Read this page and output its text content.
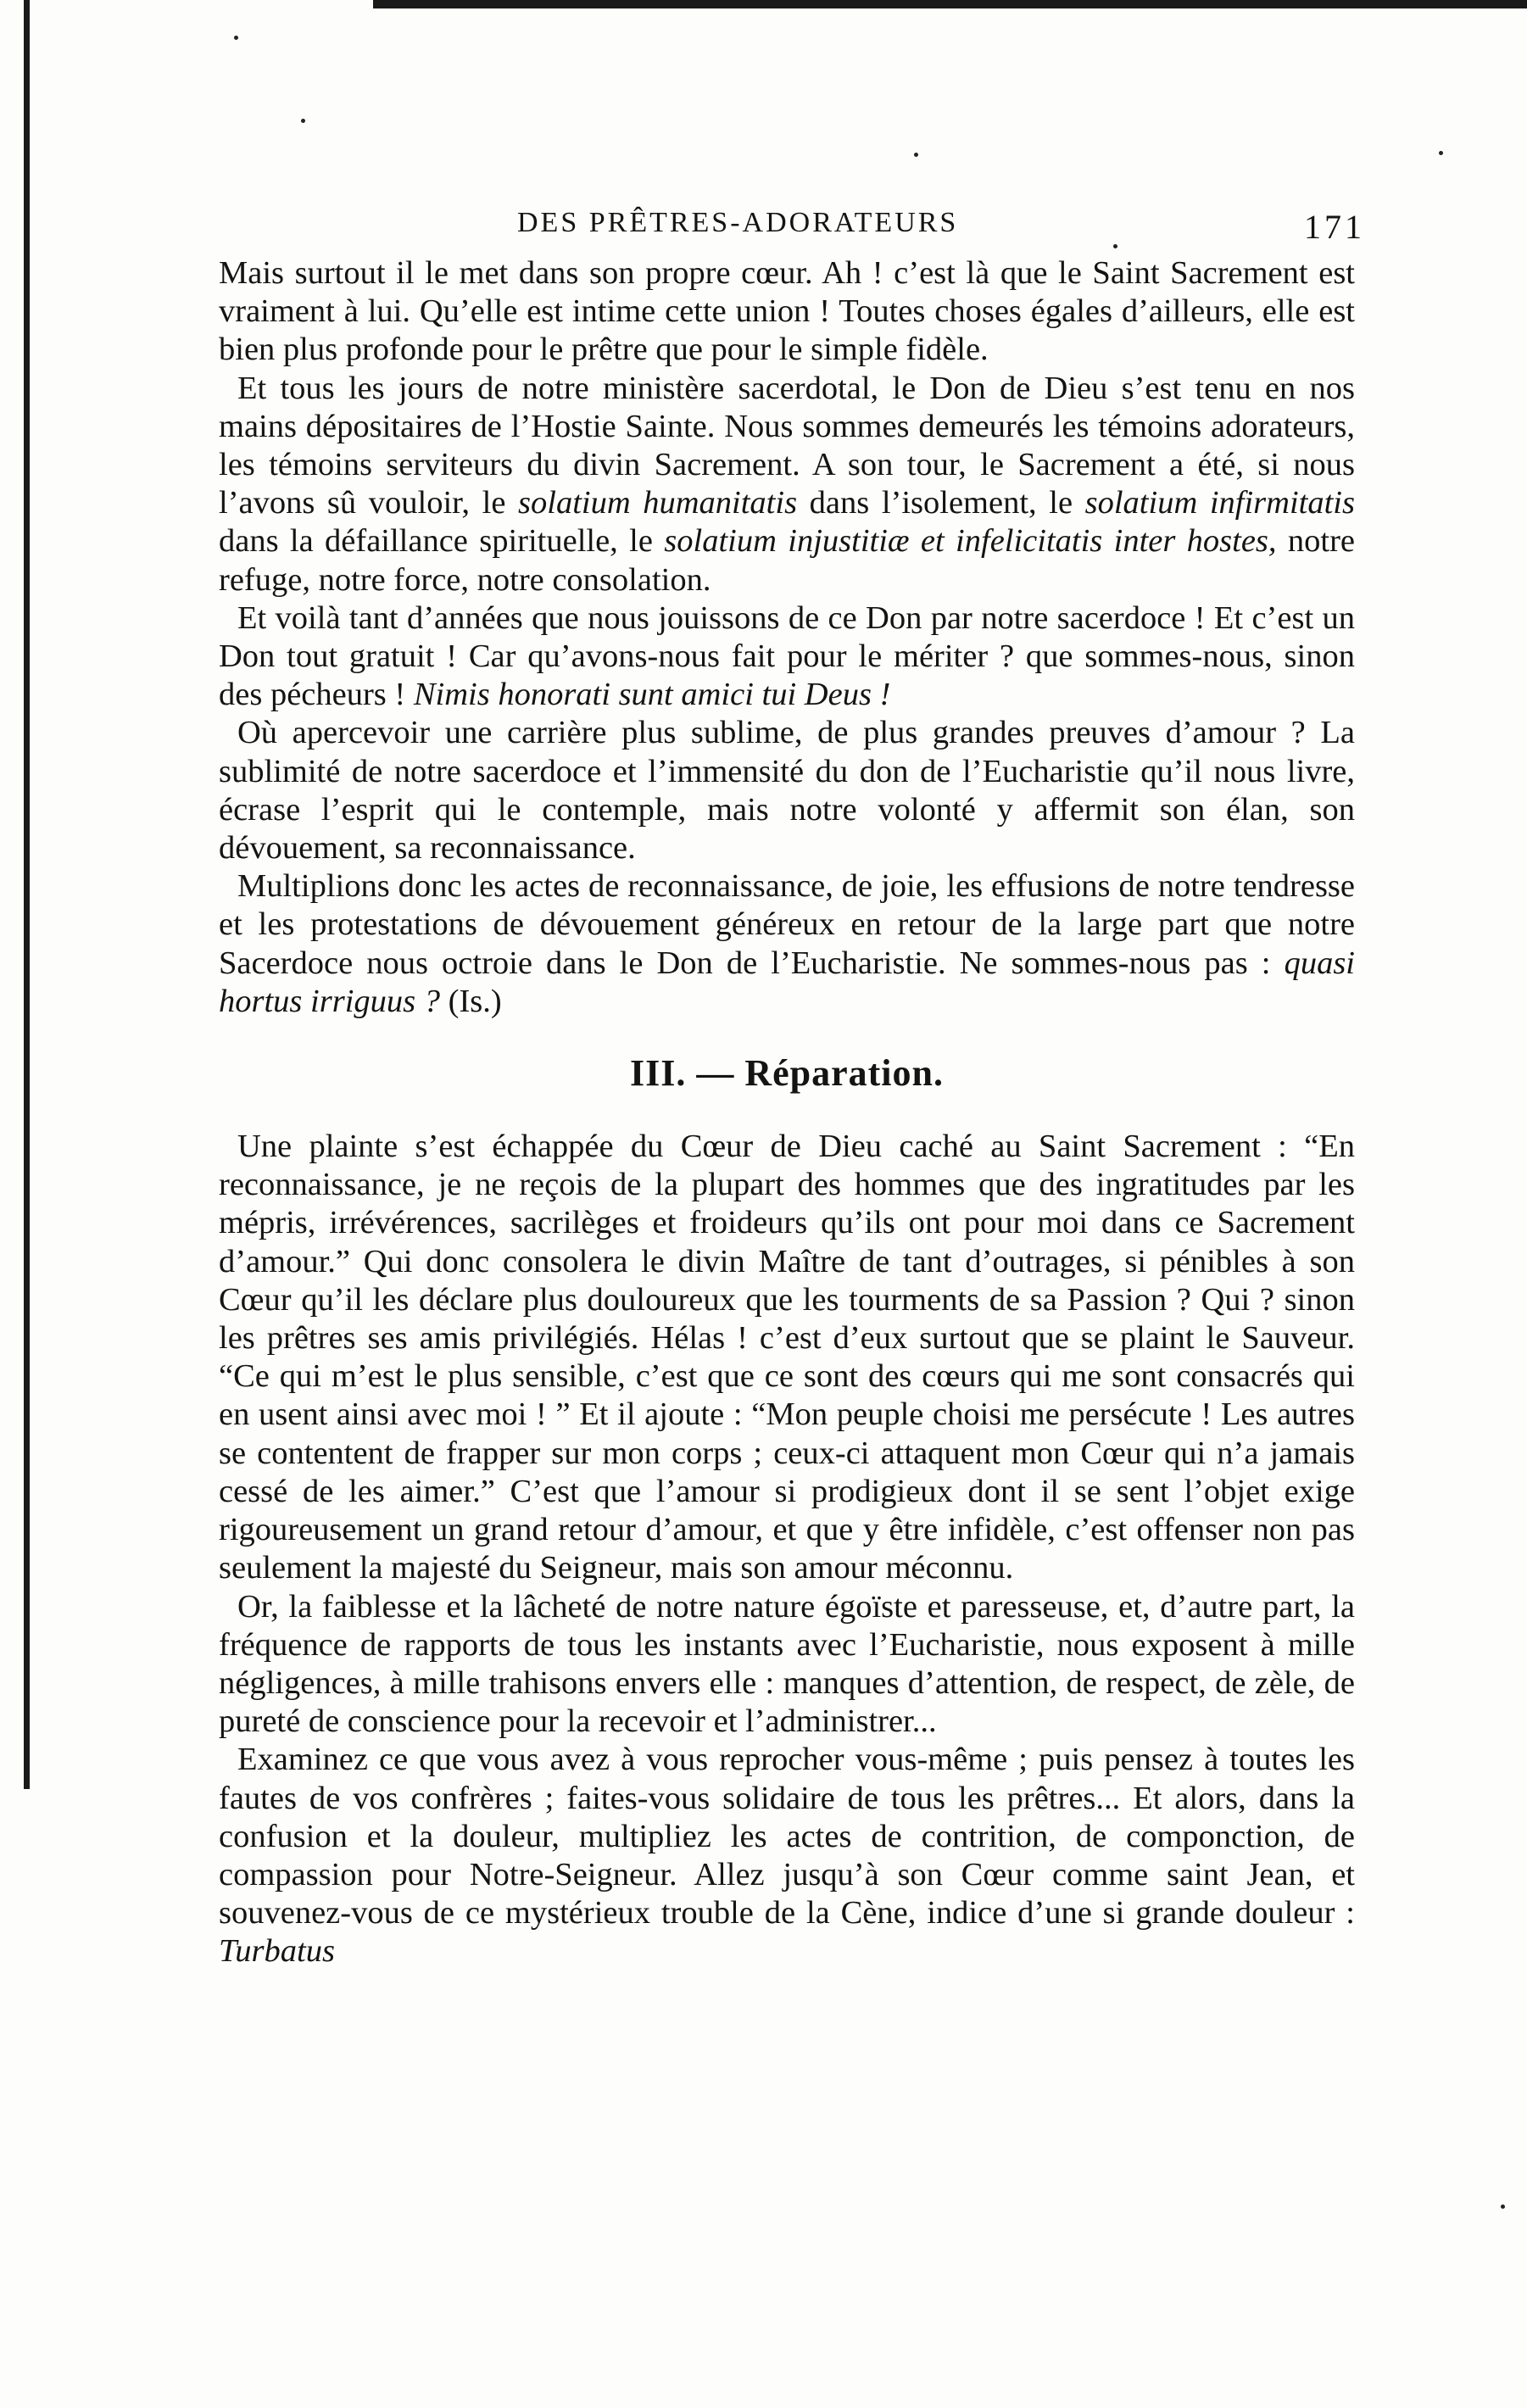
DES PRÊTRES-ADORATEURS	171

Mais surtout il le met dans son propre cœur. Ah ! c’est là que le Saint Sacrement est vraiment à lui. Qu’elle est intime cette union ! Toutes choses égales d’ailleurs, elle est bien plus profonde pour le prêtre que pour le simple fidèle.

Et tous les jours de notre ministère sacerdotal, le Don de Dieu s’est tenu en nos mains dépositaires de l’Hostie Sainte. Nous sommes demeurés les témoins adorateurs, les témoins serviteurs du divin Sacrement. A son tour, le Sacrement a été, si nous l’avons sû vouloir, le solatium humanitatis dans l’isolement, le solatium infirmitatis dans la défaillance spirituelle, le solatium injustitiæ et infelicitatis inter hostes, notre refuge, notre force, notre consolation.

Et voilà tant d’années que nous jouissons de ce Don par notre sacerdoce ! Et c’est un Don tout gratuit ! Car qu’avons-nous fait pour le mériter ? que sommes-nous, sinon des pécheurs ! Nimis honorati sunt amici tui Deus !

Où apercevoir une carrière plus sublime, de plus grandes preuves d’amour ? La sublimité de notre sacerdoce et l’immensité du don de l’Eucharistie qu’il nous livre, écrase l’esprit qui le contemple, mais notre volonté y affermit son élan, son dévouement, sa reconnaissance.

Multiplions donc les actes de reconnaissance, de joie, les effusions de notre tendresse et les protestations de dévouement généreux en retour de la large part que notre Sacerdoce nous octroie dans le Don de l’Eucharistie. Ne sommes-nous pas : quasi hortus irriguus ? (Is.)

III. — Réparation.

Une plainte s’est échappée du Cœur de Dieu caché au Saint Sacrement : “En reconnaissance, je ne reçois de la plupart des hommes que des ingratitudes par les mépris, irrévérences, sacrilèges et froideurs qu’ils ont pour moi dans ce Sacrement d’amour.” Qui donc consolera le divin Maître de tant d’outrages, si pénibles à son Cœur qu’il les déclare plus douloureux que les tourments de sa Passion ? Qui ? sinon les prêtres ses amis privilégiés. Hélas ! c’est d’eux surtout que se plaint le Sauveur. “Ce qui m’est le plus sensible, c’est que ce sont des cœurs qui me sont consacrés qui en usent ainsi avec moi ! ” Et il ajoute : “Mon peuple choisi me persécute ! Les autres se contentent de frapper sur mon corps ; ceux-ci attaquent mon Cœur qui n’a jamais cessé de les aimer.” C’est que l’amour si prodigieux dont il se sent l’objet exige rigoureusement un grand retour d’amour, et que y être infidèle, c’est offenser non pas seulement la majesté du Seigneur, mais son amour méconnu.

Or, la faiblesse et la lâcheté de notre nature égoïste et paresseuse, et, d’autre part, la fréquence de rapports de tous les instants avec l’Eucharistie, nous exposent à mille négligences, à mille trahisons envers elle : manques d’attention, de respect, de zèle, de pureté de conscience pour la recevoir et l’administrer...

Examinez ce que vous avez à vous reprocher vous-même ; puis pensez à toutes les fautes de vos confrères ; faites-vous solidaire de tous les prêtres... Et alors, dans la confusion et la douleur, multipliez les actes de contrition, de componction, de compassion pour Notre-Seigneur. Allez jusqu’à son Cœur comme saint Jean, et souvenez-vous de ce mystérieux trouble de la Cène, indice d’une si grande douleur : Turbatus
